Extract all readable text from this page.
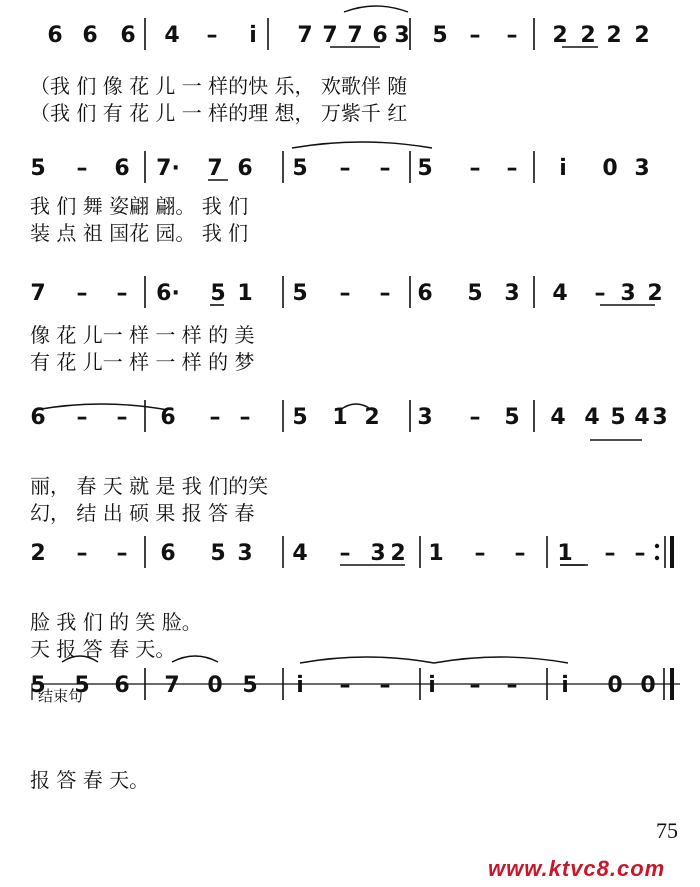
6 6 6 4 – i̇ 7 7 7 6 3 5 – – 2 2 2 2
（我 们 像 花 儿 一 样的快 乐， 欢歌伴 随
（我 们 有 花 儿 一 样的理 想， 万紫千 红
5 – 6 7· 7 6 5 – – 5 – – i̇ 0 3
我 们 舞 姿翩 翩。 我 们
装 点 祖 国花 园。 我 们
7 – – 6· 5 1 5 – – 6 5 3 4 – 3 2
像 花 儿一 样 一 样 的 美
有 花 儿一 样 一 样 的 梦
6 – – 6 – – 5 1 2 3 – 5 4 4 5 4 3
丽， 春 天 就 是 我 们的笑
幻， 结 出 硕 果 报 答 春
2 – – 6 5 3 4 – 3 2 1 – – 1 – –
脸 我 们 的 笑 脸。
天 报 答 春 天。
5 5 6 7 0 5 i̇ – – i̇ – – i̇ 0 0
报 答 春 天。
结束句
75
www.ktvc8.com
